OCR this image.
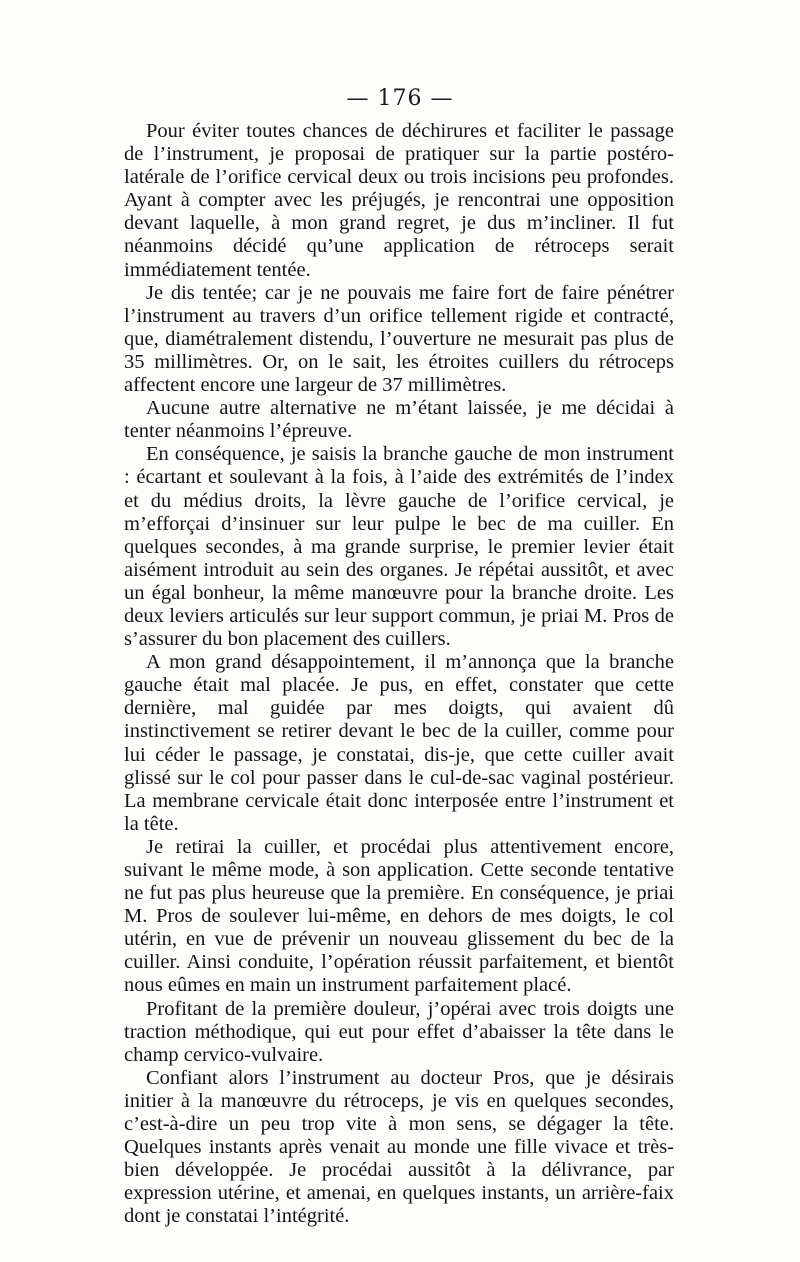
— 176 —

Pour éviter toutes chances de déchirures et faciliter le passage de l’instrument, je proposai de pratiquer sur la partie postéro-latérale de l’orifice cervical deux ou trois incisions peu profondes. Ayant à compter avec les préjugés, je rencontrai une opposition devant laquelle, à mon grand regret, je dus m’incliner. Il fut néanmoins décidé qu’une application de rétroceps serait immédiatement tentée.

Je dis tentée; car je ne pouvais me faire fort de faire pénétrer l’instrument au travers d’un orifice tellement rigide et contracté, que, diamétralement distendu, l’ouverture ne mesurait pas plus de 35 millimètres. Or, on le sait, les étroites cuillers du rétroceps affectent encore une largeur de 37 millimètres.

Aucune autre alternative ne m’étant laissée, je me décidai à tenter néanmoins l’épreuve.

En conséquence, je saisis la branche gauche de mon instrument : écartant et soulevant à la fois, à l’aide des extrémités de l’index et du médius droits, la lèvre gauche de l’orifice cervical, je m’efforçai d’insinuer sur leur pulpe le bec de ma cuiller. En quelques secondes, à ma grande surprise, le premier levier était aisément introduit au sein des organes. Je répétai aussitôt, et avec un égal bonheur, la même manœuvre pour la branche droite. Les deux leviers articulés sur leur support commun, je priai M. Pros de s’assurer du bon placement des cuillers.

A mon grand désappointement, il m’annonça que la branche gauche était mal placée. Je pus, en effet, constater que cette dernière, mal guidée par mes doigts, qui avaient dû instinctivement se retirer devant le bec de la cuiller, comme pour lui céder le passage, je constatai, dis-je, que cette cuiller avait glissé sur le col pour passer dans le cul-de-sac vaginal postérieur. La membrane cervicale était donc interposée entre l’instrument et la tête.

Je retirai la cuiller, et procédai plus attentivement encore, suivant le même mode, à son application. Cette seconde tentative ne fut pas plus heureuse que la première. En conséquence, je priai M. Pros de soulever lui-même, en dehors de mes doigts, le col utérin, en vue de prévenir un nouveau glissement du bec de la cuiller. Ainsi conduite, l’opération réussit parfaitement, et bientôt nous eûmes en main un instrument parfaitement placé.

Profitant de la première douleur, j’opérai avec trois doigts une traction méthodique, qui eut pour effet d’abaisser la tête dans le champ cervico-vulvaire.

Confiant alors l’instrument au docteur Pros, que je désirais initier à la manœuvre du rétroceps, je vis en quelques secondes, c’est-à-dire un peu trop vite à mon sens, se dégager la tête. Quelques instants après venait au monde une fille vivace et très-bien développée. Je procédai aussitôt à la délivrance, par expression utérine, et amenai, en quelques instants, un arrière-faix dont je constatai l’intégrité.
